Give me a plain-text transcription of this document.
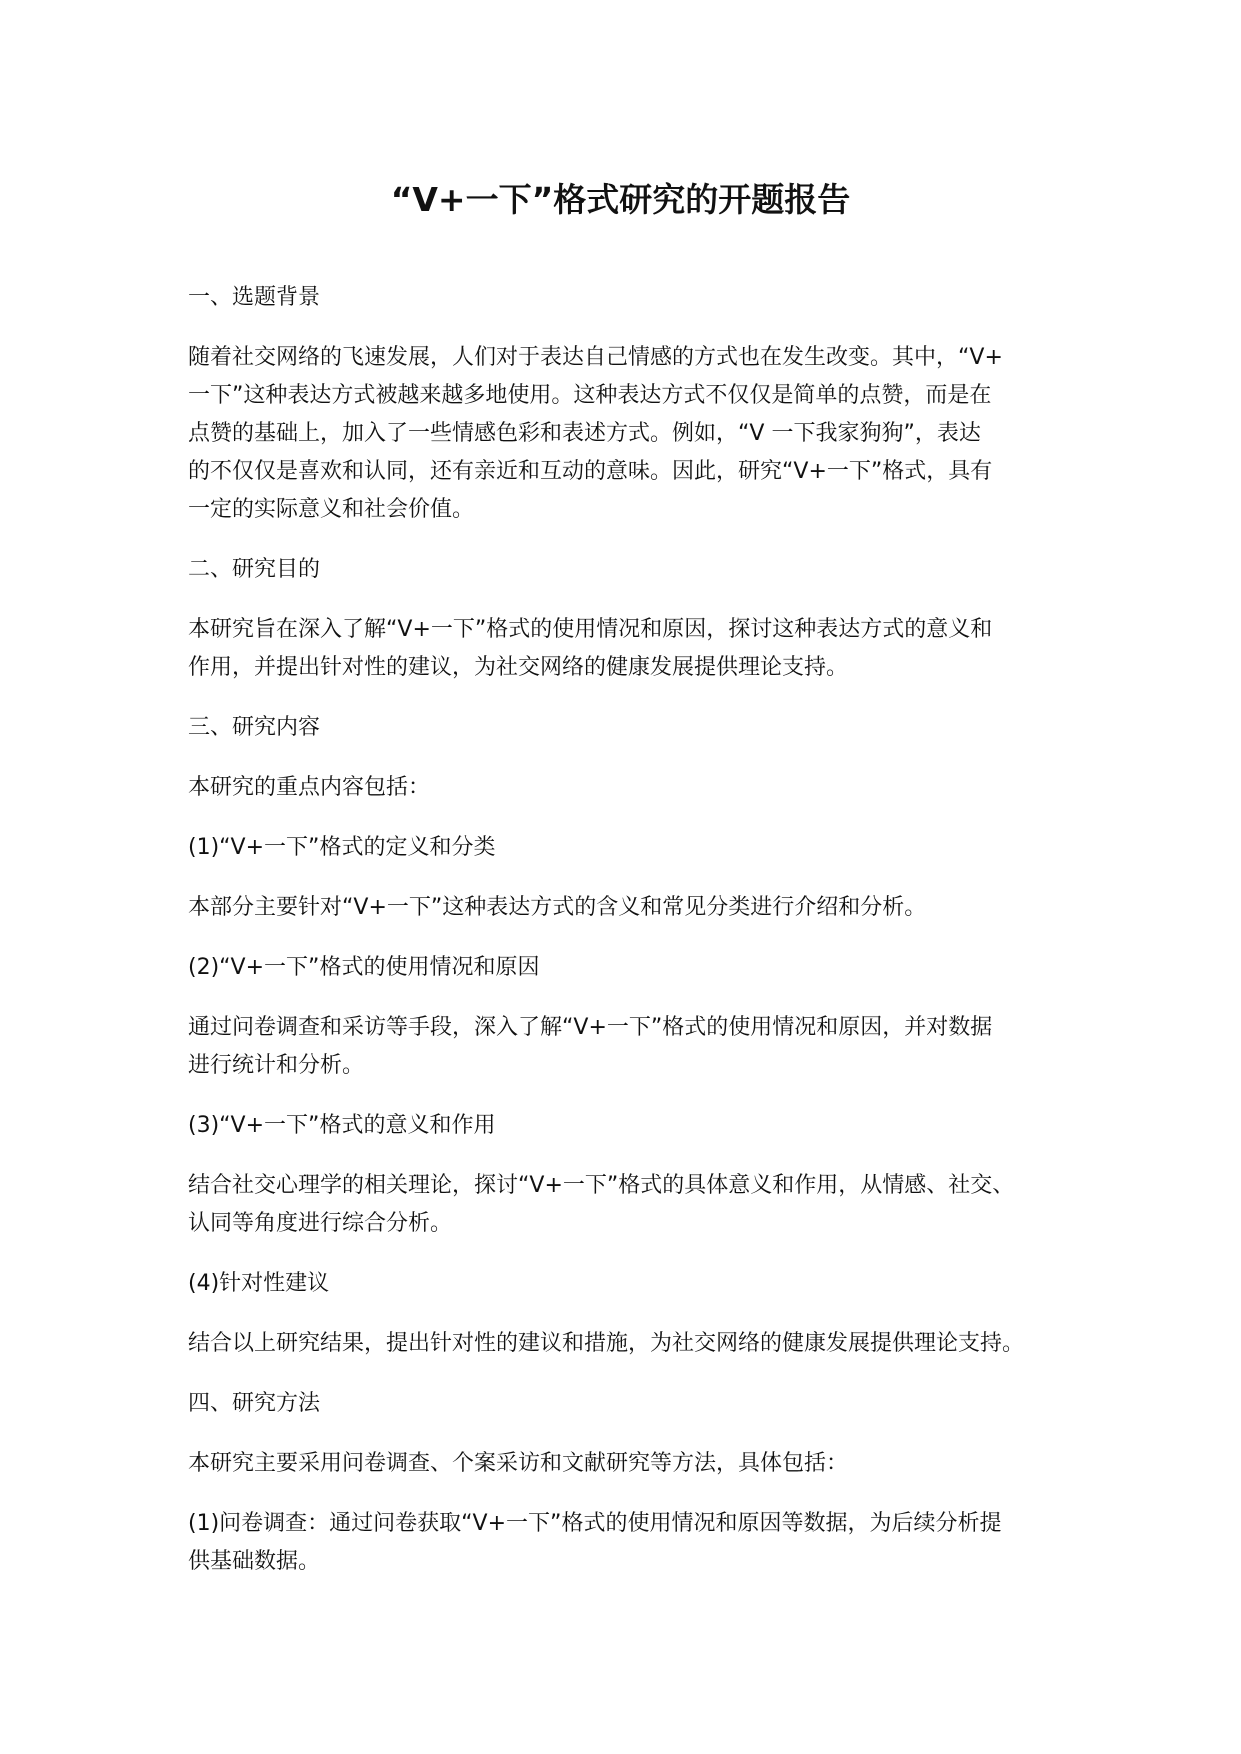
“V+一下”格式研究的开题报告
一、选题背景
随着社交网络的飞速发展，人们对于表达自己情感的方式也在发生改变。其中，“V+
一下”这种表达方式被越来越多地使用。这种表达方式不仅仅是简单的点赞，而是在
点赞的基础上，加入了一些情感色彩和表述方式。例如，“V 一下我家狗狗”，表达
的不仅仅是喜欢和认同，还有亲近和互动的意味。因此，研究“V+一下”格式，具有
一定的实际意义和社会价值。
二、研究目的
本研究旨在深入了解“V+一下”格式的使用情况和原因，探讨这种表达方式的意义和
作用，并提出针对性的建议，为社交网络的健康发展提供理论支持。
三、研究内容
本研究的重点内容包括：
(1)“V+一下”格式的定义和分类
本部分主要针对“V+一下”这种表达方式的含义和常见分类进行介绍和分析。
(2)“V+一下”格式的使用情况和原因
通过问卷调查和采访等手段，深入了解“V+一下”格式的使用情况和原因，并对数据
进行统计和分析。
(3)“V+一下”格式的意义和作用
结合社交心理学的相关理论，探讨“V+一下”格式的具体意义和作用，从情感、社交、
认同等角度进行综合分析。
(4)针对性建议
结合以上研究结果，提出针对性的建议和措施，为社交网络的健康发展提供理论支持。
四、研究方法
本研究主要采用问卷调查、个案采访和文献研究等方法，具体包括：
(1)问卷调查：通过问卷获取“V+一下”格式的使用情况和原因等数据，为后续分析提
供基础数据。
